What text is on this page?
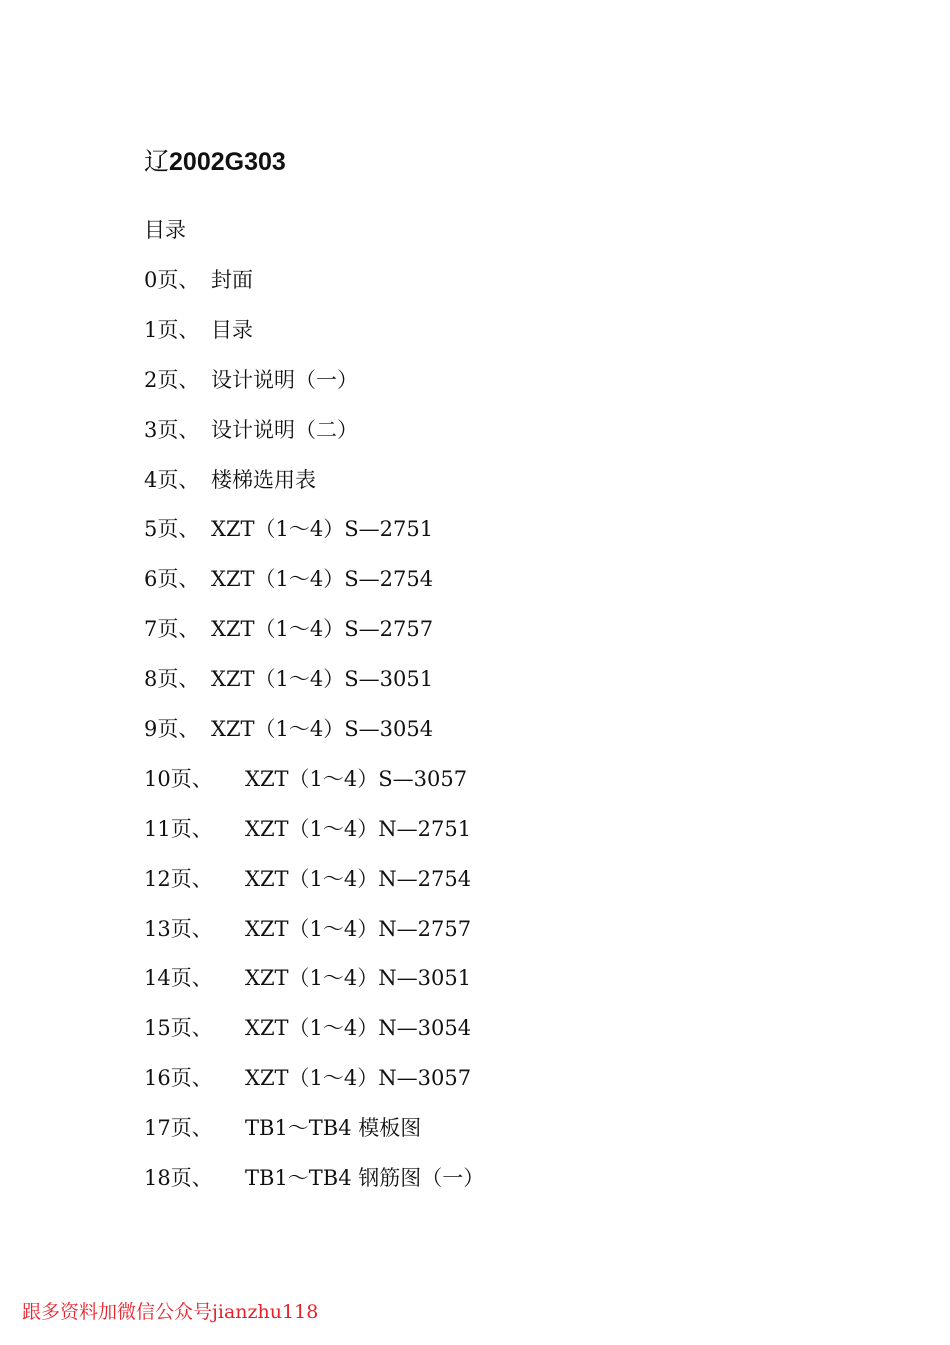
辽2002G303
目录
0页、 封面
1页、 目录
2页、 设计说明（一）
3页、 设计说明（二）
4页、 楼梯选用表
5页、 XZT（1～4）S—2751
6页、 XZT（1～4）S—2754
7页、 XZT（1～4）S—2757
8页、 XZT（1～4）S—3051
9页、 XZT（1～4）S—3054
10页、	XZT（1～4）S—3057
11页、	XZT（1～4）N—2751
12页、	XZT（1～4）N—2754
13页、	XZT（1～4）N—2757
14页、	XZT（1～4）N—3051
15页、	XZT（1～4）N—3054
16页、	XZT（1～4）N—3057
17页、	TB1～TB4 模板图
18页、	TB1～TB4 钢筋图（一）
跟多资料加微信公众号jianzhu118
